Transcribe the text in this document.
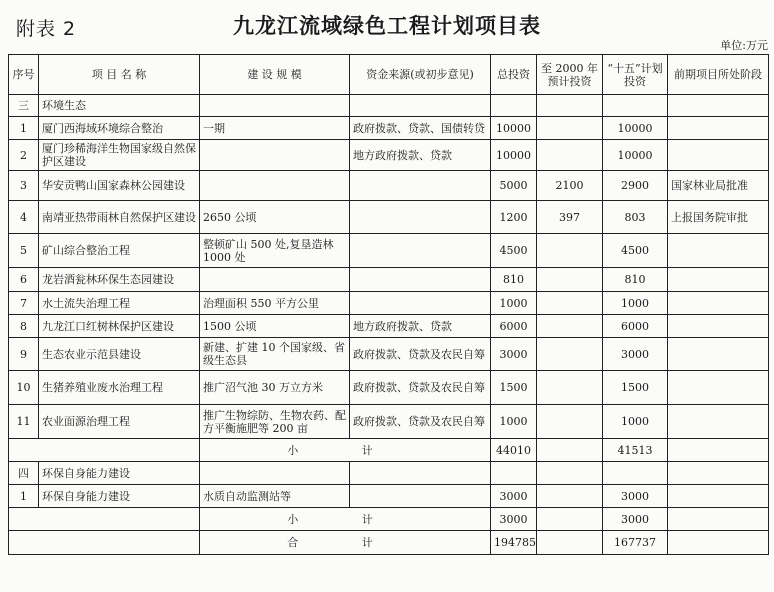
附表 2	九龙江流域绿色工程计划项目表
单位:万元
序号	项 目 名 称	建 设 规 模	资金来源(或初步意见)	总投资	至 2000 年预计投资	“十五”计划投资	前期项目所处阶段
三	环境生态						
1	厦门西海域环境综合整治	一期	政府拨款、贷款、国债转贷	10000		10000	
2	厦门珍稀海洋生物国家级自然保护区建设		地方政府拨款、贷款	10000		10000	
3	华安贡鸭山国家森林公园建设			5000	2100	2900	国家林业局批准
4	南靖亚热带雨林自然保护区建设	2650 公顷		1200	397	803	上报国务院审批
5	矿山综合整治工程	整顿矿山 500 处,复垦造林 1000 处		4500		4500	
6	龙岩酒瓮林环保生态园建设			810		810	
7	水土流失治理工程	治理面积 550 平方公里		1000		1000	
8	九龙江口红树林保护区建设	1500 公顷	地方政府拨款、贷款	6000		6000	
9	生态农业示范县建设	新建、扩建 10 个国家级、省级生态县	政府拨款、贷款及农民自筹	3000		3000	
10	生猪养殖业废水治理工程	推广沼气池 30 万立方米	政府拨款、贷款及农民自筹	1500		1500	
11	农业面源治理工程	推广生物综防、生物农药、配方平衡施肥等 200 亩	政府拨款、贷款及农民自筹	1000		1000	
		小 计		44010		41513	
四	环保自身能力建设						
1	环保自身能力建设	水质自动监测站等		3000		3000	
		小 计		3000		3000	
		合 计		194785		167737	
